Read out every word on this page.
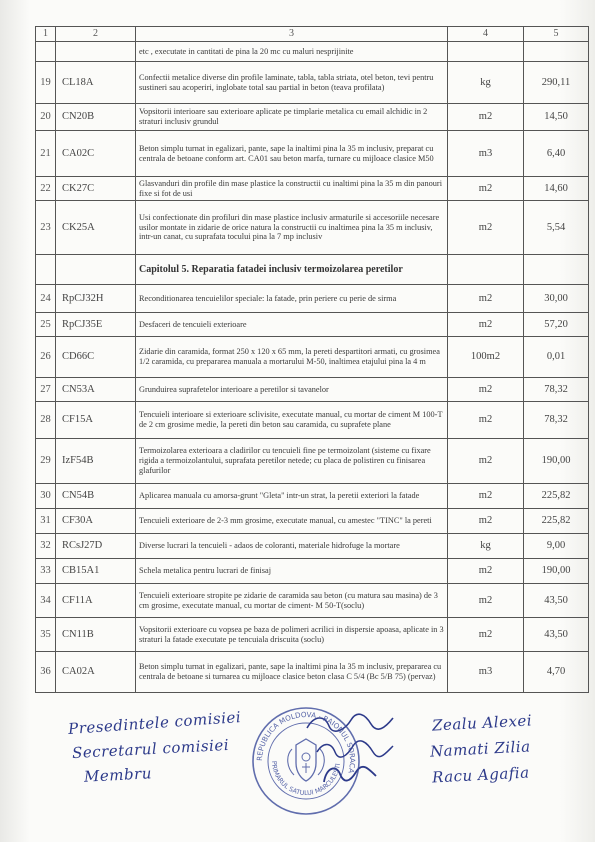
1	2	3	4	5
		etc , executate in cantitati de pina la 20 mc cu maluri nesprijinite		
19	CL18A	Confectii metalice diverse din profile laminate, tabla, tabla striata, otel beton, tevi pentru sustineri sau acoperiri, inglobate total sau partial in beton (teava profilata)	kg	290,11
20	CN20B	Vopsitorii interioare sau exterioare aplicate pe timplarie metalica cu email alchidic in 2 straturi inclusiv grundul	m2	14,50
21	CA02C	Beton simplu turnat in egalizari, pante, sape la inaltimi pina la 35 m inclusiv, preparat cu centrala de betoane conform art. CA01 sau beton marfa, turnare cu mijloace clasice M50	m3	6,40
22	CK27C	Glasvanduri din profile din mase plastice la constructii cu inaltimi pina la 35 m din panouri fixe si fot de usi	m2	14,60
23	CK25A	Usi confectionate din profiluri din mase plastice inclusiv armaturile si accesoriile necesare usilor montate in zidarie de orice natura la constructii cu inaltimea pina la 35 m inclusiv, intr-un canat, cu suprafata tocului pina la 7 mp inclusiv	m2	5,54
		Capitolul 5. Reparatia fatadei inclusiv termoizolarea peretilor		
24	RpCJ32H	Reconditionarea tencuielilor speciale: la fatade, prin periere cu perie de sirma	m2	30,00
25	RpCJ35E	Desfaceri de tencuieli exterioare	m2	57,20
26	CD66C	Zidarie din caramida, format 250 x 120 x 65 mm, la pereti despartitori armati, cu grosimea 1/2 caramida, cu prepararea manuala a mortarului M-50, inaltimea etajului pina la 4 m	100m2	0,01
27	CN53A	Grunduirea suprafetelor interioare a peretilor si tavanelor	m2	78,32
28	CF15A	Tencuieli interioare si exterioare sclivisite, executate manual, cu mortar de ciment M 100-T de 2 cm grosime medie, la pereti din beton sau caramida, cu suprafete plane	m2	78,32
29	IzF54B	Termoizolarea exterioara a cladirilor cu tencuieli fine pe termoizolant (sisteme cu fixare rigida a termoizolantului, suprafata peretilor netede; cu placa de polistiren cu finisarea glafurilor	m2	190,00
30	CN54B	Aplicarea manuala cu amorsa-grunt "Gleta" intr-un strat, la peretii exteriori la fatade	m2	225,82
31	CF30A	Tencuieli exterioare de 2-3 mm grosime, executate manual, cu amestec "TINC" la pereti	m2	225,82
32	RCsJ27D	Diverse lucrari la tencuieli - adaos de coloranti, materiale hidrofuge la mortare	kg	9,00
33	CB15A1	Schela metalica pentru lucrari de finisaj	m2	190,00
34	CF11A	Tencuieli exterioare stropite pe zidarie de caramida sau beton (cu matura sau masina) de 3 cm grosime, executate manual, cu mortar de ciment- M 50-T(soclu)	m2	43,50
35	CN11B	Vopsitorii exterioare cu vopsea pe baza de polimeri acrilici in dispersie apoasa, aplicate in 3 straturi la fatade executate pe tencuiala driscuita (soclu)	m2	43,50
36	CA02A	Beton simplu turnat in egalizari, pante, sape la inaltimi pina la 35 m inclusiv, prepararea cu centrala de betoane si turnarea cu mijloace clasice beton clasa C 5/4 (Bc 5/B 75) (pervaz)	m3	4,70
Presedintele comisiei
Secretarul comisiei
Membru
Zealu Alexei
Namati Zilia
Racu Agafia
REPUBLICA MOLDOVA · RAIONUL SORACA
PRIMARUL SATULUI MARCULESTI
